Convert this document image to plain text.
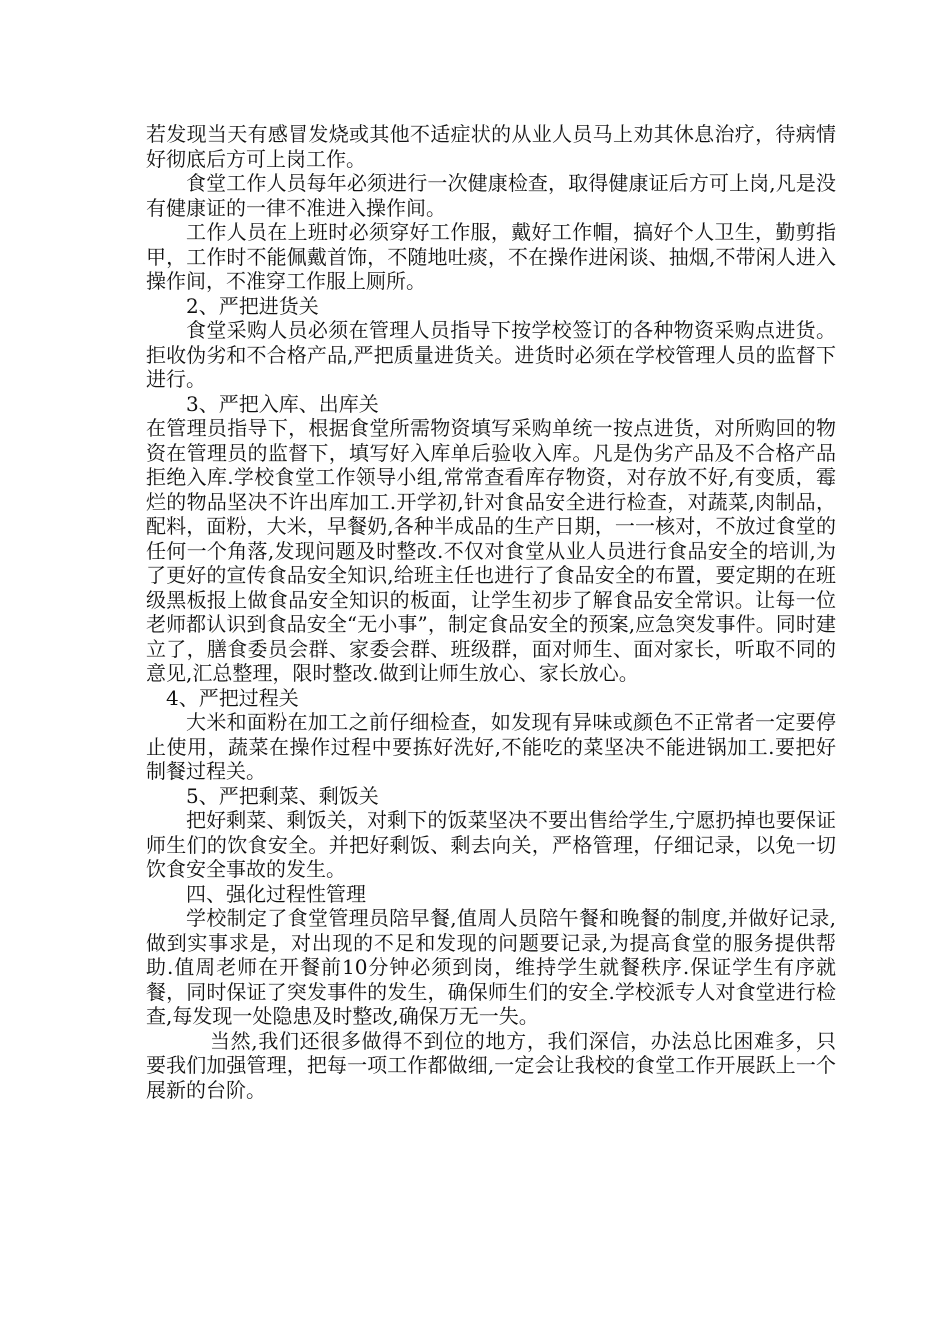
若发现当天有感冒发烧或其他不适症状的从业人员马上劝其休息治疗，待病情好彻底后方可上岗工作。

食堂工作人员每年必须进行一次健康检查，取得健康证后方可上岗,凡是没有健康证的一律不准进入操作间。

工作人员在上班时必须穿好工作服，戴好工作帽，搞好个人卫生，勤剪指甲，工作时不能佩戴首饰，不随地吐痰，不在操作进闲谈、抽烟,不带闲人进入操作间，不准穿工作服上厕所。

2、严把进货关

食堂采购人员必须在管理人员指导下按学校签订的各种物资采购点进货。拒收伪劣和不合格产品,严把质量进货关。进货时必须在学校管理人员的监督下进行。

3、严把入库、出库关

在管理员指导下，根据食堂所需物资填写采购单统一按点进货，对所购回的物资在管理员的监督下，填写好入库单后验收入库。凡是伪劣产品及不合格产品拒绝入库.学校食堂工作领导小组,常常查看库存物资，对存放不好,有变质，霉烂的物品坚决不许出库加工.开学初,针对食品安全进行检查，对蔬菜,肉制品，配料，面粉，大米，早餐奶,各种半成品的生产日期，一一核对，不放过食堂的任何一个角落,发现问题及时整改.不仅对食堂从业人员进行食品安全的培训,为了更好的宣传食品安全知识,给班主任也进行了食品安全的布置，要定期的在班级黑板报上做食品安全知识的板面，让学生初步了解食品安全常识。让每一位老师都认识到食品安全“无小事”，制定食品安全的预案,应急突发事件。同时建立了，膳食委员会群、家委会群、班级群，面对师生、面对家长，听取不同的意见,汇总整理，限时整改.做到让师生放心、家长放心。

4、严把过程关

大米和面粉在加工之前仔细检查，如发现有异味或颜色不正常者一定要停止使用，蔬菜在操作过程中要拣好洗好,不能吃的菜坚决不能进锅加工.要把好制餐过程关。

5、严把剩菜、剩饭关

把好剩菜、剩饭关，对剩下的饭菜坚决不要出售给学生,宁愿扔掉也要保证师生们的饮食安全。并把好剩饭、剩去向关，严格管理，仔细记录，以免一切饮食安全事故的发生。

四、强化过程性管理

学校制定了食堂管理员陪早餐,值周人员陪午餐和晚餐的制度,并做好记录,做到实事求是，对出现的不足和发现的问题要记录,为提高食堂的服务提供帮助.值周老师在开餐前10分钟必须到岗，维持学生就餐秩序.保证学生有序就餐，同时保证了突发事件的发生，确保师生们的安全.学校派专人对食堂进行检查,每发现一处隐患及时整改,确保万无一失。

当然,我们还很多做得不到位的地方，我们深信，办法总比困难多，只要我们加强管理，把每一项工作都做细,一定会让我校的食堂工作开展跃上一个展新的台阶。
